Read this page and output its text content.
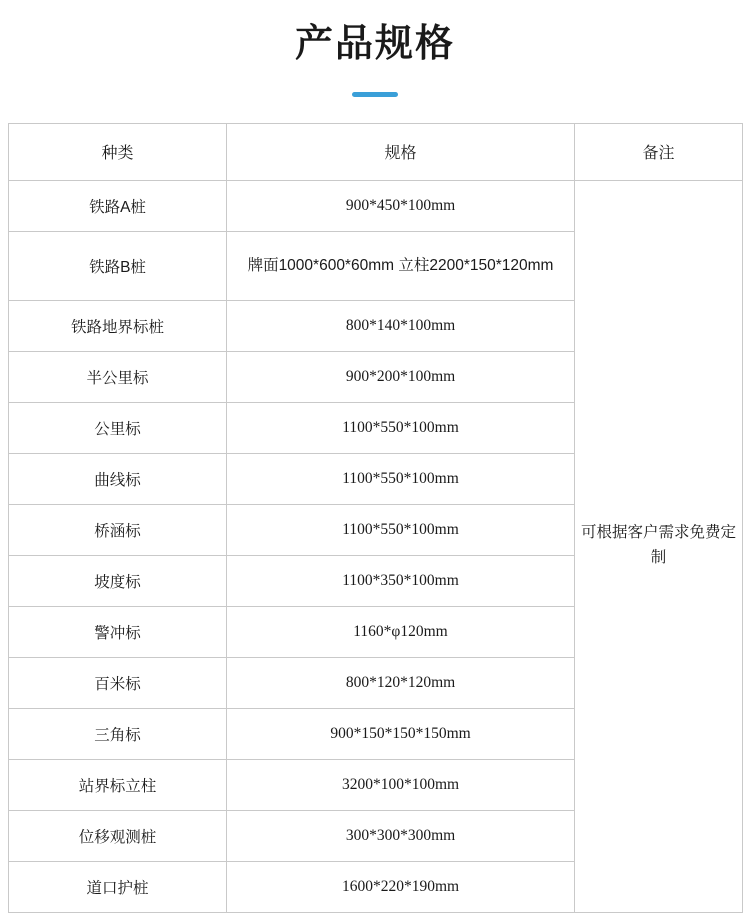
产品规格
种类	规格	备注
铁路A桩	900*450*100mm	可根据客户需求免费定制
铁路B桩	牌面1000*600*60mm 立柱2200*150*120mm	
铁路地界标桩	800*140*100mm	
半公里标	900*200*100mm	
公里标	1100*550*100mm	
曲线标	1100*550*100mm	
桥涵标	1100*550*100mm	
坡度标	1100*350*100mm	
警冲标	1160*φ120mm	
百米标	800*120*120mm	
三角标	900*150*150*150mm	
站界标立柱	3200*100*100mm	
位移观测桩	300*300*300mm	
道口护桩	1600*220*190mm	
